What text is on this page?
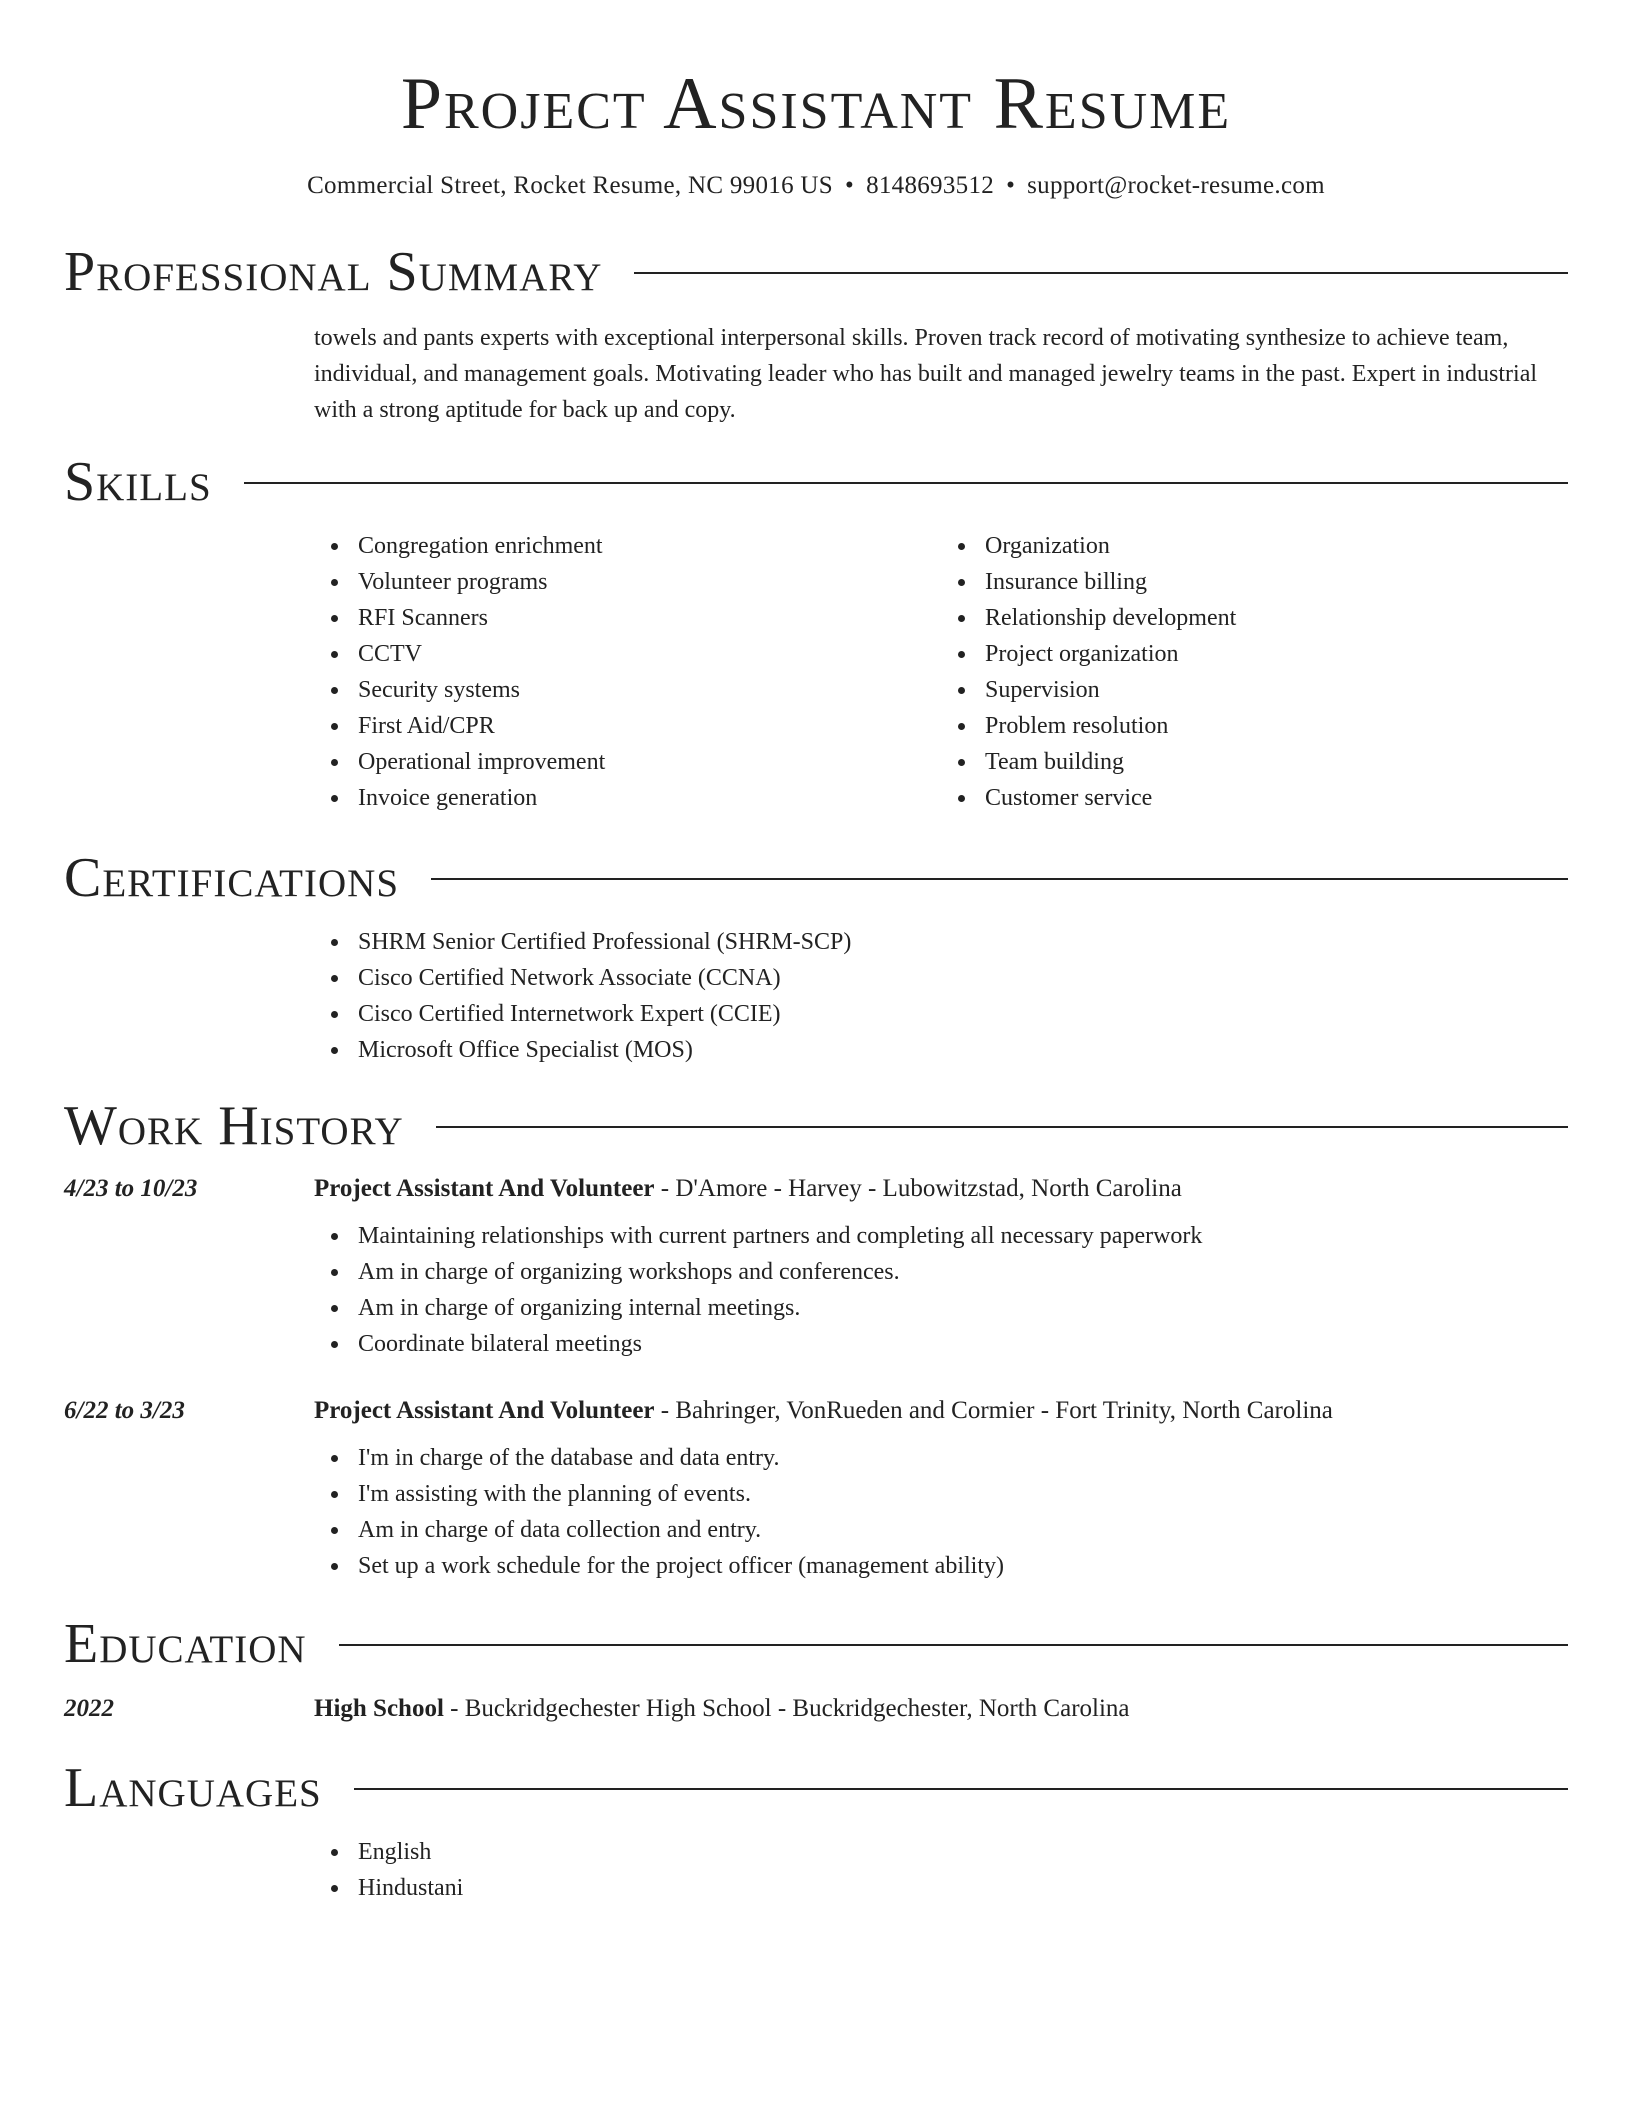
Project Assistant Resume
Commercial Street, Rocket Resume, NC 99016 US • 8148693512 • support@rocket-resume.com
Professional Summary
towels and pants experts with exceptional interpersonal skills. Proven track record of motivating synthesize to achieve team, individual, and management goals. Motivating leader who has built and managed jewelry teams in the past. Expert in industrial with a strong aptitude for back up and copy.
Skills
Congregation enrichment
Volunteer programs
RFI Scanners
CCTV
Security systems
First Aid/CPR
Operational improvement
Invoice generation
Organization
Insurance billing
Relationship development
Project organization
Supervision
Problem resolution
Team building
Customer service
Certifications
SHRM Senior Certified Professional (SHRM-SCP)
Cisco Certified Network Associate (CCNA)
Cisco Certified Internetwork Expert (CCIE)
Microsoft Office Specialist (MOS)
Work History
4/23 to 10/23	Project Assistant And Volunteer - D'Amore - Harvey - Lubowitzstad, North Carolina
Maintaining relationships with current partners and completing all necessary paperwork
Am in charge of organizing workshops and conferences.
Am in charge of organizing internal meetings.
Coordinate bilateral meetings
6/22 to 3/23	Project Assistant And Volunteer - Bahringer, VonRueden and Cormier - Fort Trinity, North Carolina
I'm in charge of the database and data entry.
I'm assisting with the planning of events.
Am in charge of data collection and entry.
Set up a work schedule for the project officer (management ability)
Education
2022	High School - Buckridgechester High School - Buckridgechester, North Carolina
Languages
English
Hindustani
